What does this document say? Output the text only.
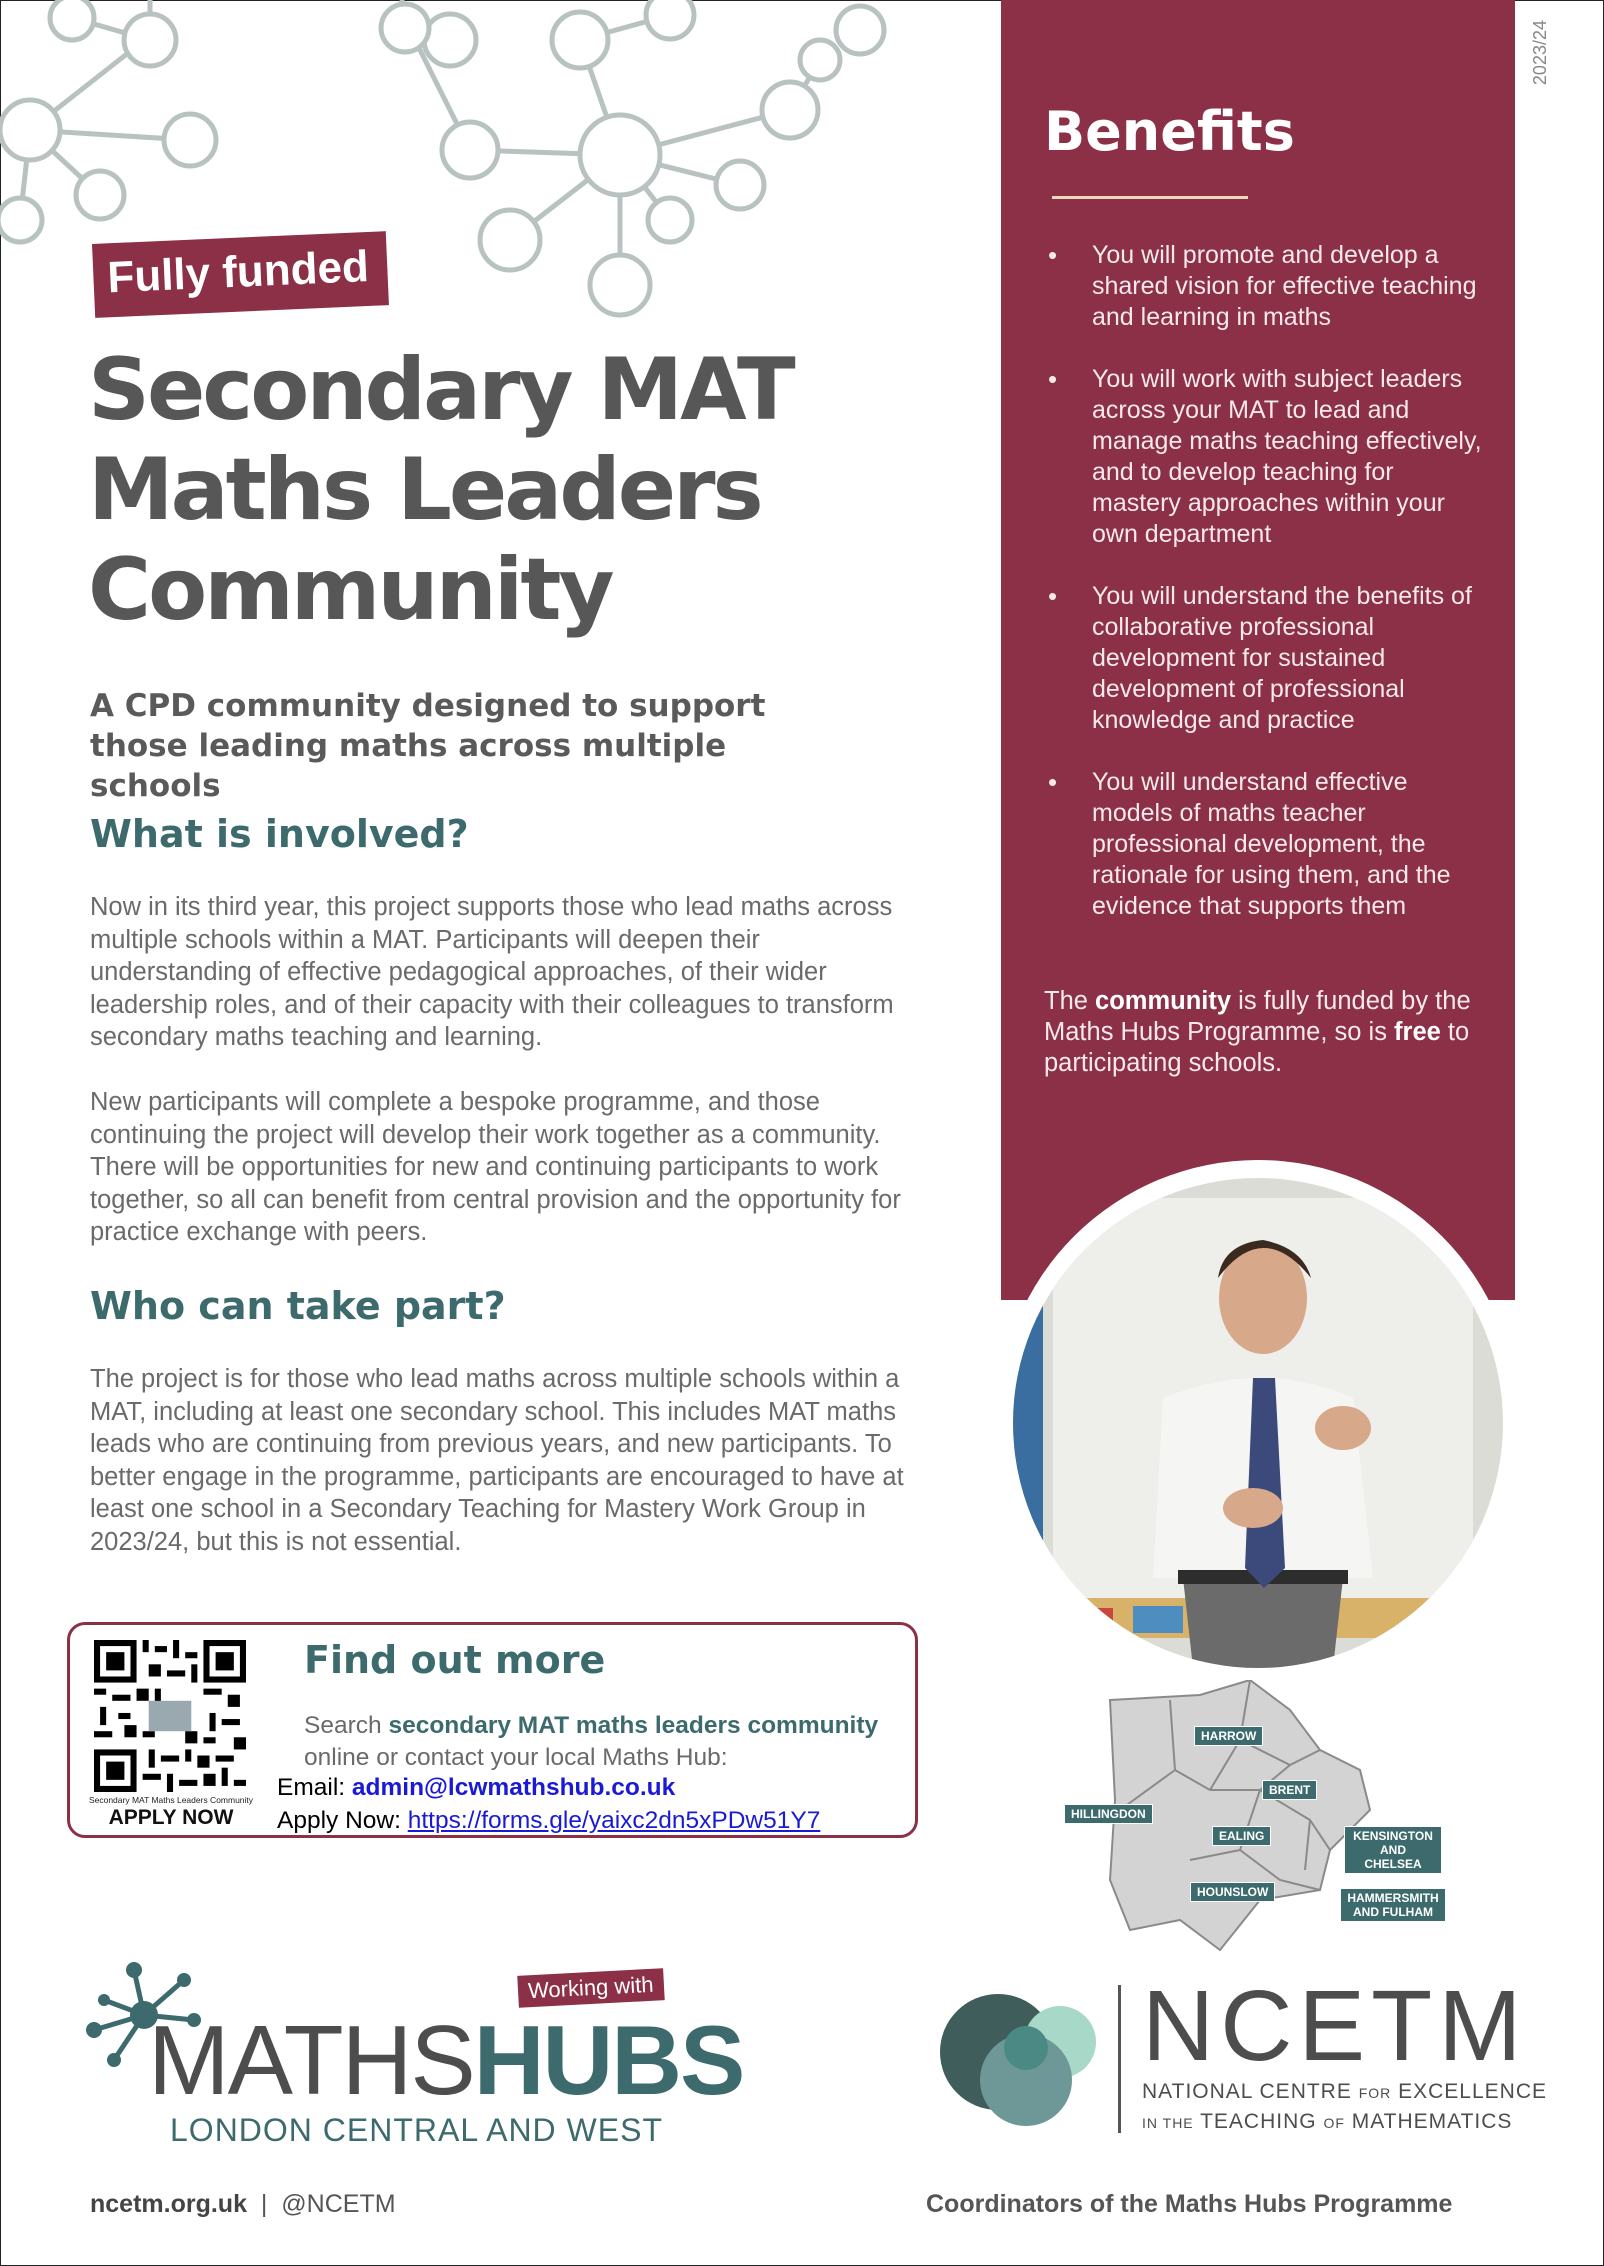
2023/24
Fully funded
Secondary MAT
Maths Leaders
Community

A CPD community designed to support those leading maths across multiple schools

What is involved?

Now in its third year, this project supports those who lead maths across multiple schools within a MAT. Participants will deepen their understanding of effective pedagogical approaches, of their wider leadership roles, and of their capacity with their colleagues to transform secondary maths teaching and learning.

New participants will complete a bespoke programme, and those continuing the project will develop their work together as a community. There will be opportunities for new and continuing participants to work together, so all can benefit from central provision and the opportunity for practice exchange with peers.

Who can take part?

The project is for those who lead maths across multiple schools within a MAT, including at least one secondary school. This includes MAT maths leads who are continuing from previous years, and new participants. To better engage in the programme, participants are encouraged to have at least one school in a Secondary Teaching for Mastery Work Group in 2023/24, but this is not essential.

Benefits
• You will promote and develop a shared vision for effective teaching and learning in maths
• You will work with subject leaders across your MAT to lead and manage maths teaching effectively, and to develop teaching for mastery approaches within your own department
• You will understand the benefits of collaborative professional development for sustained development of professional knowledge and practice
• You will understand effective models of maths teacher professional development, the rationale for using them, and the evidence that supports them

The community is fully funded by the Maths Hubs Programme, so is free to participating schools.

Secondary MAT Maths Leaders Community
APPLY NOW
Find out more

Search secondary MAT maths leaders community online or contact your local Maths Hub:

Email: admin@lcwmathshub.co.uk
Apply Now: https://forms.gle/yaixc2dn5xPDw51Y7
HARROW
BRENT
HILLINGDON
EALING	KENSINGTON AND CHELSEA
HOUNSLOW	HAMMERSMITH AND FULHAM
Working with
MATHSHUBS
LONDON CENTRAL AND WEST
NCETM
NATIONAL CENTRE FOR EXCELLENCE
IN THE TEACHING OF MATHEMATICS
ncetm.org.uk | @NCETM	Coordinators of the Maths Hubs Programme
